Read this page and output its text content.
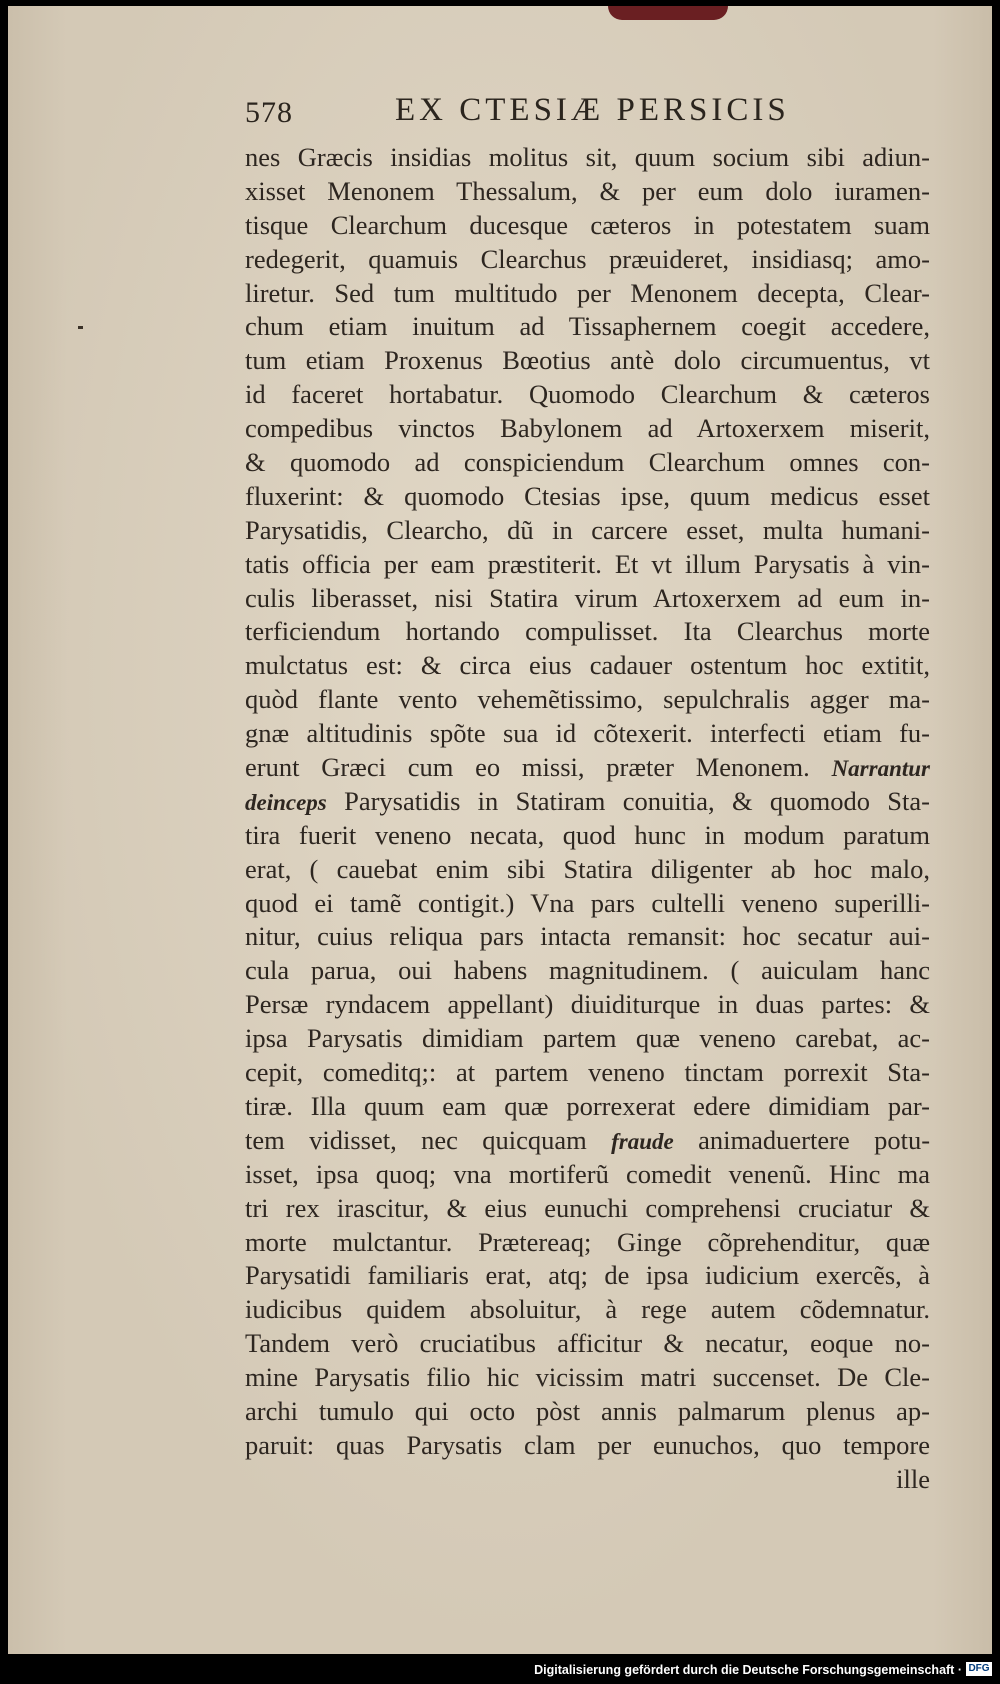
578	EX CTESIÆ PERSICIS
nes Græcis insidias molitus sit, quum socium sibi adiun-
xisset Menonem Thessalum, & per eum dolo iuramen-
tisque Clearchum ducesque cæteros in potestatem suam
redegerit, quamuis Clearchus præuideret, insidiasq; amo-
liretur. Sed tum multitudo per Menonem decepta, Clear-
chum etiam inuitum ad Tissaphernem coegit accedere,
tum etiam Proxenus Bœotius antè dolo circumuentus, vt
id faceret hortabatur. Quomodo Clearchum & cæteros
compedibus vinctos Babylonem ad Artoxerxem miserit,
& quomodo ad conspiciendum Clearchum omnes con-
fluxerint: & quomodo Ctesias ipse, quum medicus esset
Parysatidis, Clearcho, dũ in carcere esset, multa humani-
tatis officia per eam præstiterit. Et vt illum Parysatis à vin-
culis liberasset, nisi Statira virum Artoxerxem ad eum in-
terficiendum hortando compulisset. Ita Clearchus morte
mulctatus est: & circa eius cadauer ostentum hoc extitit,
quòd flante vento vehemẽtissimo, sepulchralis agger ma-
gnæ altitudinis spõte sua id cõtexerit. interfecti etiam fu-
erunt Græci cum eo missi, præter Menonem. Narrantur
deinceps Parysatidis in Statiram conuitia, & quomodo Sta-
tira fuerit veneno necata, quod hunc in modum paratum
erat, ( cauebat enim sibi Statira diligenter ab hoc malo,
quod ei tamẽ contigit.) Vna pars cultelli veneno superilli-
nitur, cuius reliqua pars intacta remansit: hoc secatur aui-
cula parua, oui habens magnitudinem. ( auiculam hanc
Persæ ryndacem appellant) diuiditurque in duas partes: &
ipsa Parysatis dimidiam partem quæ veneno carebat, ac-
cepit, comeditq;: at partem veneno tinctam porrexit Sta-
tiræ. Illa quum eam quæ porrexerat edere dimidiam par-
tem vidisset, nec quicquam fraude animaduertere potu-
isset, ipsa quoq; vna mortiferũ comedit venenũ. Hinc ma
tri rex irascitur, & eius eunuchi comprehensi cruciatur &
morte mulctantur. Prætereaq; Ginge cõprehenditur, quæ
Parysatidi familiaris erat, atq; de ipsa iudicium exercẽs, à
iudicibus quidem absoluitur, à rege autem cõdemnatur.
Tandem verò cruciatibus afficitur & necatur, eoque no-
mine Parysatis filio hic vicissim matri succenset. De Cle-
archi tumulo qui octo pòst annis palmarum plenus ap-
paruit: quas Parysatis clam per eunuchos, quo tempore
ille
Digitalisierung gefördert durch die Deutsche Forschungsgemeinschaft · DFG
